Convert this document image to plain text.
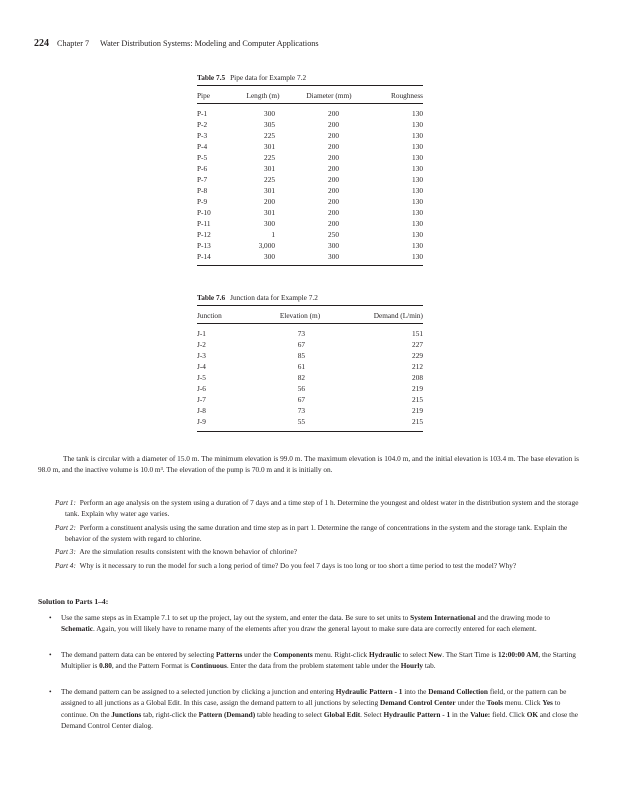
224 Chapter 7 Water Distribution Systems: Modeling and Computer Applications
Table 7.5 Pipe data for Example 7.2
Pipe	Length (m)	Diameter (mm)	Roughness
P-1	300	200	130
P-2	305	200	130
P-3	225	200	130
P-4	301	200	130
P-5	225	200	130
P-6	301	200	130
P-7	225	200	130
P-8	301	200	130
P-9	200	200	130
P-10	301	200	130
P-11	300	200	130
P-12	1	250	130
P-13	3,000	300	130
P-14	300	300	130
Table 7.6 Junction data for Example 7.2
Junction	Elevation (m)	Demand (L/min)
J-1	73	151
J-2	67	227
J-3	85	229
J-4	61	212
J-5	82	208
J-6	56	219
J-7	67	215
J-8	73	219
J-9	55	215
The tank is circular with a diameter of 15.0 m. The minimum elevation is 99.0 m. The maximum elevation is 104.0 m, and the initial elevation is 103.4 m. The base elevation is 98.0 m, and the inactive volume is 10.0 m³. The elevation of the pump is 70.0 m and it is initially on.
Part 1: Perform an age analysis on the system using a duration of 7 days and a time step of 1 h. Determine the youngest and oldest water in the distribution system and the storage tank. Explain why water age varies.
Part 2: Perform a constituent analysis using the same duration and time step as in part 1. Determine the range of concentrations in the system and the storage tank. Explain the behavior of the system with regard to chlorine.
Part 3: Are the simulation results consistent with the known behavior of chlorine?
Part 4: Why is it necessary to run the model for such a long period of time? Do you feel 7 days is too long or too short a time period to test the model? Why?
Solution to Parts 1–4:
• Use the same steps as in Example 7.1 to set up the project, lay out the system, and enter the data. Be sure to set units to System International and the drawing mode to Schematic. Again, you will likely have to rename many of the elements after you draw the general layout to make sure data are correctly entered for each element.
• The demand pattern data can be entered by selecting Patterns under the Components menu. Right-click Hydraulic to select New. The Start Time is 12:00:00 AM, the Starting Multiplier is 0.80, and the Pattern Format is Continuous. Enter the data from the problem statement table under the Hourly tab.
• The demand pattern can be assigned to a selected junction by clicking a junction and entering Hydraulic Pattern - 1 into the Demand Collection field, or the pattern can be assigned to all junctions as a Global Edit. In this case, assign the demand pattern to all junctions by selecting Demand Control Center under the Tools menu. Click Yes to continue. On the Junctions tab, right-click the Pattern (Demand) table heading to select Global Edit. Select Hydraulic Pattern - 1 in the Value: field. Click OK and close the Demand Control Center dialog.
